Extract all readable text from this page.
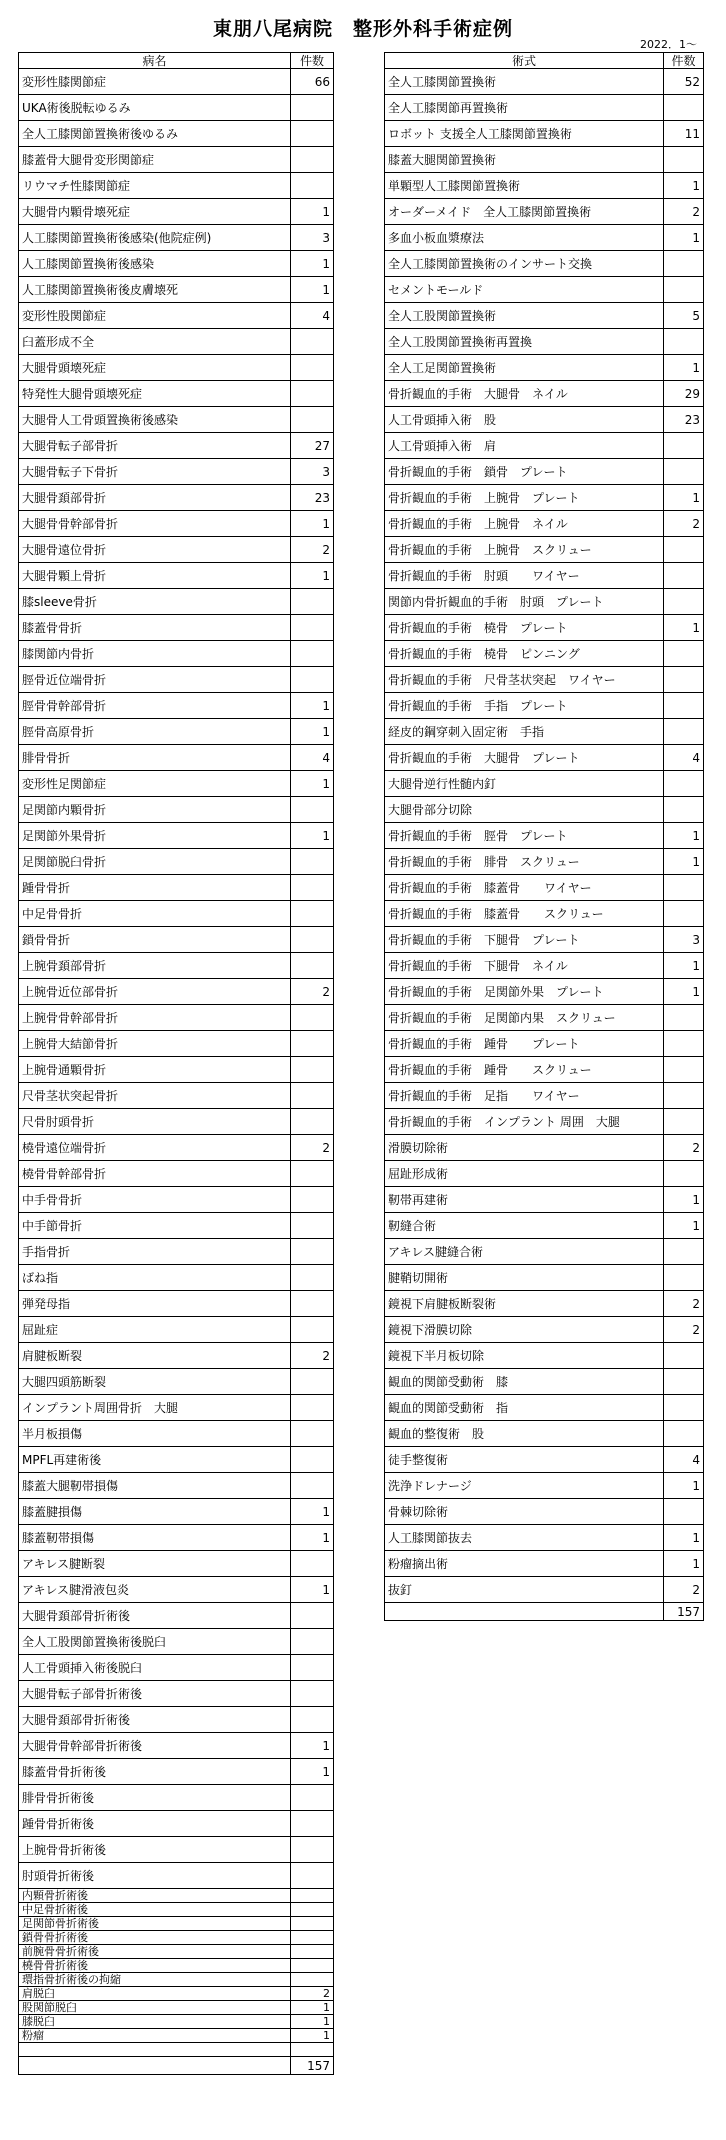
東朋八尾病院　整形外科手術症例
2022．1～
病名	件数
変形性膝関節症	66
UKA術後脱転ゆるみ	
全人工膝関節置換術後ゆるみ	
膝蓋骨大腿骨変形関節症	
リウマチ性膝関節症	
大腿骨内顆骨壊死症	1
人工膝関節置換術後感染(他院症例)	3
人工膝関節置換術後感染	1
人工膝関節置換術後皮膚壊死	1
変形性股関節症	4
臼蓋形成不全	
大腿骨頭壊死症	
特発性大腿骨頭壊死症	
大腿骨人工骨頭置換術後感染	
大腿骨転子部骨折	27
大腿骨転子下骨折	3
大腿骨頚部骨折	23
大腿骨骨幹部骨折	1
大腿骨遠位骨折	2
大腿骨顆上骨折	1
膝sleeve骨折	
膝蓋骨骨折	
膝関節内骨折	
脛骨近位端骨折	
脛骨骨幹部骨折	1
脛骨高原骨折	1
腓骨骨折	4
変形性足関節症	1
足関節内顆骨折	
足関節外果骨折	1
足関節脱臼骨折	
踵骨骨折	
中足骨骨折	
鎖骨骨折	
上腕骨頚部骨折	
上腕骨近位部骨折	2
上腕骨骨幹部骨折	
上腕骨大結節骨折	
上腕骨通顆骨折	
尺骨茎状突起骨折	
尺骨肘頭骨折	
橈骨遠位端骨折	2
橈骨骨幹部骨折	
中手骨骨折	
中手節骨折	
手指骨折	
ばね指	
弾発母指	
屈趾症	
肩腱板断裂	2
大腿四頭筋断裂	
インプラント周囲骨折　大腿	
半月板損傷	
MPFL再建術後	
膝蓋大腿靭帯損傷	
膝蓋腱損傷	1
膝蓋靭帯損傷	1
アキレス腱断裂	
アキレス腱滑液包炎	1
大腿骨頚部骨折術後	
全人工股関節置換術後脱臼	
人工骨頭挿入術後脱臼	
大腿骨転子部骨折術後	
大腿骨頚部骨折術後	
大腿骨骨幹部骨折術後	1
膝蓋骨骨折術後	1
腓骨骨折術後	
踵骨骨折術後	
上腕骨骨折術後	
肘頭骨折術後	
内顆骨折術後	
中足骨折術後	
足関節骨折術後	
鎖骨骨折術後	
前腕骨骨折術後	
橈骨骨折術後	
環指骨折術後の拘縮	
肩脱臼	2
股関節脱臼	1
膝脱臼	1
粉瘤	1

	157
術式	件数
全人工膝関節置換術	52
全人工膝関節再置換術	
ロボット 支援全人工膝関節置換術	11
膝蓋大腿関節置換術	
単顆型人工膝関節置換術	1
オーダーメイド　全人工膝関節置換術	2
多血小板血漿療法	1
全人工膝関節置換術のインサート交換	
セメントモールド	
全人工股関節置換術	5
全人工股関節置換術再置換	
全人工足関節置換術	1
骨折観血的手術　大腿骨　ネイル	29
人工骨頭挿入術　股	23
人工骨頭挿入術　肩	
骨折観血的手術　鎖骨　プレート	
骨折観血的手術　上腕骨　プレート	1
骨折観血的手術　上腕骨　ネイル	2
骨折観血的手術　上腕骨　スクリュー	
骨折観血的手術　肘頭　　ワイヤー	
関節内骨折観血的手術　肘頭　プレート	
骨折観血的手術　橈骨　プレート	1
骨折観血的手術　橈骨　ピンニング	
骨折観血的手術　尺骨茎状突起　ワイヤー	
骨折観血的手術　手指　プレート	
経皮的鋼穿刺入固定術　手指	
骨折観血的手術　大腿骨　プレート	4
大腿骨逆行性髄内釘	
大腿骨部分切除	
骨折観血的手術　脛骨　プレート	1
骨折観血的手術　腓骨　スクリュー	1
骨折観血的手術　膝蓋骨　　ワイヤー	
骨折観血的手術　膝蓋骨　　スクリュー	
骨折観血的手術　下腿骨　プレート	3
骨折観血的手術　下腿骨　ネイル	1
骨折観血的手術　足関節外果　プレート	1
骨折観血的手術　足関節内果　スクリュー	
骨折観血的手術　踵骨　　プレート	
骨折観血的手術　踵骨　　スクリュー	
骨折観血的手術　足指　　ワイヤー	
骨折観血的手術　インプラント 周囲　大腿	
滑膜切除術	2
屈趾形成術	
靭帯再建術	1
靭縫合術	1
アキレス腱縫合術	
腱鞘切開術	
鏡視下肩腱板断裂術	2
鏡視下滑膜切除	2
鏡視下半月板切除	
観血的関節受動術　膝	
観血的関節受動術　指	
観血的整復術　股	
徒手整復術	4
洗浄ドレナージ	1
骨棘切除術	
人工膝関節抜去	1
粉瘤摘出術	1
抜釘	2
	157
